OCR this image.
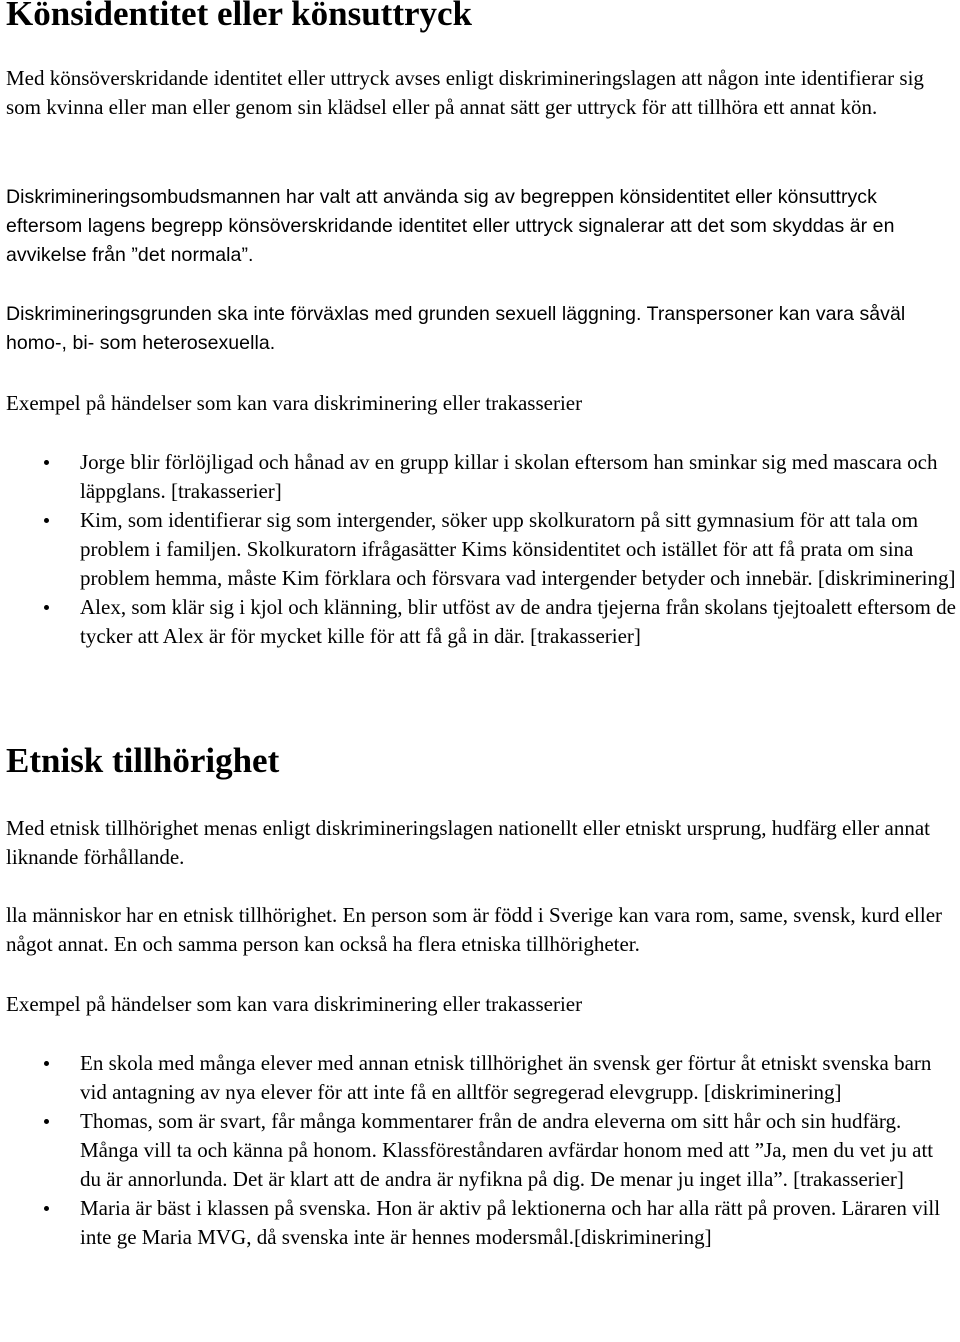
Könsidentitet eller könsuttryck

Med könsöverskridande identitet eller uttryck avses enligt diskrimineringslagen att någon inte identifierar sig som kvinna eller man eller genom sin klädsel eller på annat sätt ger uttryck för att tillhöra ett annat kön.

Diskrimineringsombudsmannen har valt att använda sig av begreppen könsidentitet eller könsuttryck eftersom lagens begrepp könsöverskridande identitet eller uttryck signalerar att det som skyddas är en avvikelse från ”det normala”.

Diskrimineringsgrunden ska inte förväxlas med grunden sexuell läggning. Transpersoner kan vara såväl homo-, bi- som heterosexuella.

Exempel på händelser som kan vara diskriminering eller trakasserier

Jorge blir förlöjligad och hånad av en grupp killar i skolan eftersom han sminkar sig med mascara och läppglans. [trakasserier]
Kim, som identifierar sig som intergender, söker upp skolkuratorn på sitt gymnasium för att tala om problem i familjen. Skolkuratorn ifrågasätter Kims könsidentitet och istället för att få prata om sina problem hemma, måste Kim förklara och försvara vad intergender betyder och innebär. [diskriminering]
Alex, som klär sig i kjol och klänning, blir utföst av de andra tjejerna från skolans tjejtoalett eftersom de tycker att Alex är för mycket kille för att få gå in där. [trakasserier]
Etnisk tillhörighet

Med etnisk tillhörighet menas enligt diskrimineringslagen nationellt eller etniskt ursprung, hudfärg eller annat liknande förhållande.

lla människor har en etnisk tillhörighet. En person som är född i Sverige kan vara rom, same, svensk, kurd eller något annat. En och samma person kan också ha flera etniska tillhörigheter.

Exempel på händelser som kan vara diskriminering eller trakasserier

En skola med många elever med annan etnisk tillhörighet än svensk ger förtur åt etniskt svenska barn vid antagning av nya elever för att inte få en alltför segregerad elevgrupp. [diskriminering]
Thomas, som är svart, får många kommentarer från de andra eleverna om sitt hår och sin hudfärg. Många vill ta och känna på honom. Klassföreståndaren avfärdar honom med att ”Ja, men du vet ju att du är annorlunda. Det är klart att de andra är nyfikna på dig. De menar ju inget illa”. [trakasserier]
Maria är bäst i klassen på svenska. Hon är aktiv på lektionerna och har alla rätt på proven. Läraren vill inte ge Maria MVG, då svenska inte är hennes modersmål.[diskriminering]
